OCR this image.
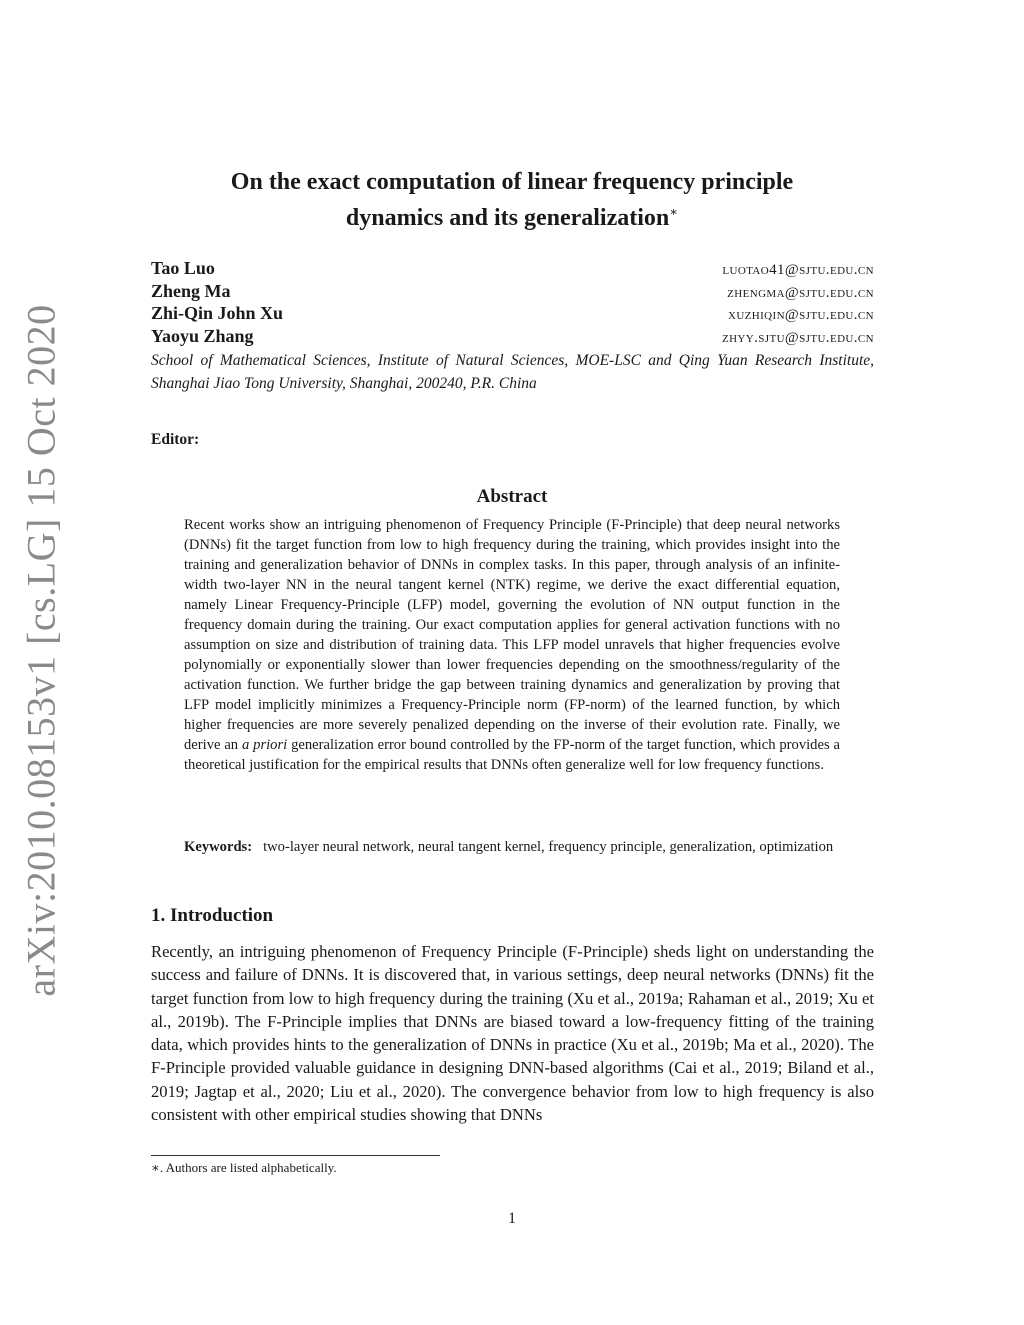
arXiv:2010.08153v1 [cs.LG] 15 Oct 2020
On the exact computation of linear frequency principle
dynamics and its generalization∗
Tao Luo	luotao41@sjtu.edu.cn
Zheng Ma	zhengma@sjtu.edu.cn
Zhi-Qin John Xu	xuzhiqin@sjtu.edu.cn
Yaoyu Zhang	zhyy.sjtu@sjtu.edu.cn
School of Mathematical Sciences, Institute of Natural Sciences, MOE-LSC and Qing Yuan Research Institute, Shanghai Jiao Tong University, Shanghai, 200240, P.R. China
Editor:
Abstract

Recent works show an intriguing phenomenon of Frequency Principle (F-Principle) that deep neural networks (DNNs) fit the target function from low to high frequency during the training, which provides insight into the training and generalization behavior of DNNs in complex tasks. In this paper, through analysis of an infinite-width two-layer NN in the neural tangent kernel (NTK) regime, we derive the exact differential equation, namely Linear Frequency-Principle (LFP) model, governing the evolution of NN output function in the frequency domain during the training. Our exact computation applies for general activation functions with no assumption on size and distribution of training data. This LFP model unravels that higher frequencies evolve polynomially or exponentially slower than lower frequencies depending on the smoothness/regularity of the activation function. We further bridge the gap between training dynamics and generalization by proving that LFP model implicitly minimizes a Frequency-Principle norm (FP-norm) of the learned function, by which higher frequencies are more severely penalized depending on the inverse of their evolution rate. Finally, we derive an a priori generalization error bound controlled by the FP-norm of the target function, which provides a theoretical justification for the empirical results that DNNs often generalize well for low frequency functions.

Keywords: two-layer neural network, neural tangent kernel, frequency principle, generalization, optimization

1. Introduction

Recently, an intriguing phenomenon of Frequency Principle (F-Principle) sheds light on understanding the success and failure of DNNs. It is discovered that, in various settings, deep neural networks (DNNs) fit the target function from low to high frequency during the training (Xu et al., 2019a; Rahaman et al., 2019; Xu et al., 2019b). The F-Principle implies that DNNs are biased toward a low-frequency fitting of the training data, which provides hints to the generalization of DNNs in practice (Xu et al., 2019b; Ma et al., 2020). The F-Principle provided valuable guidance in designing DNN-based algorithms (Cai et al., 2019; Biland et al., 2019; Jagtap et al., 2020; Liu et al., 2020). The convergence behavior from low to high frequency is also consistent with other empirical studies showing that DNNs

∗. Authors are listed alphabetically.
1
